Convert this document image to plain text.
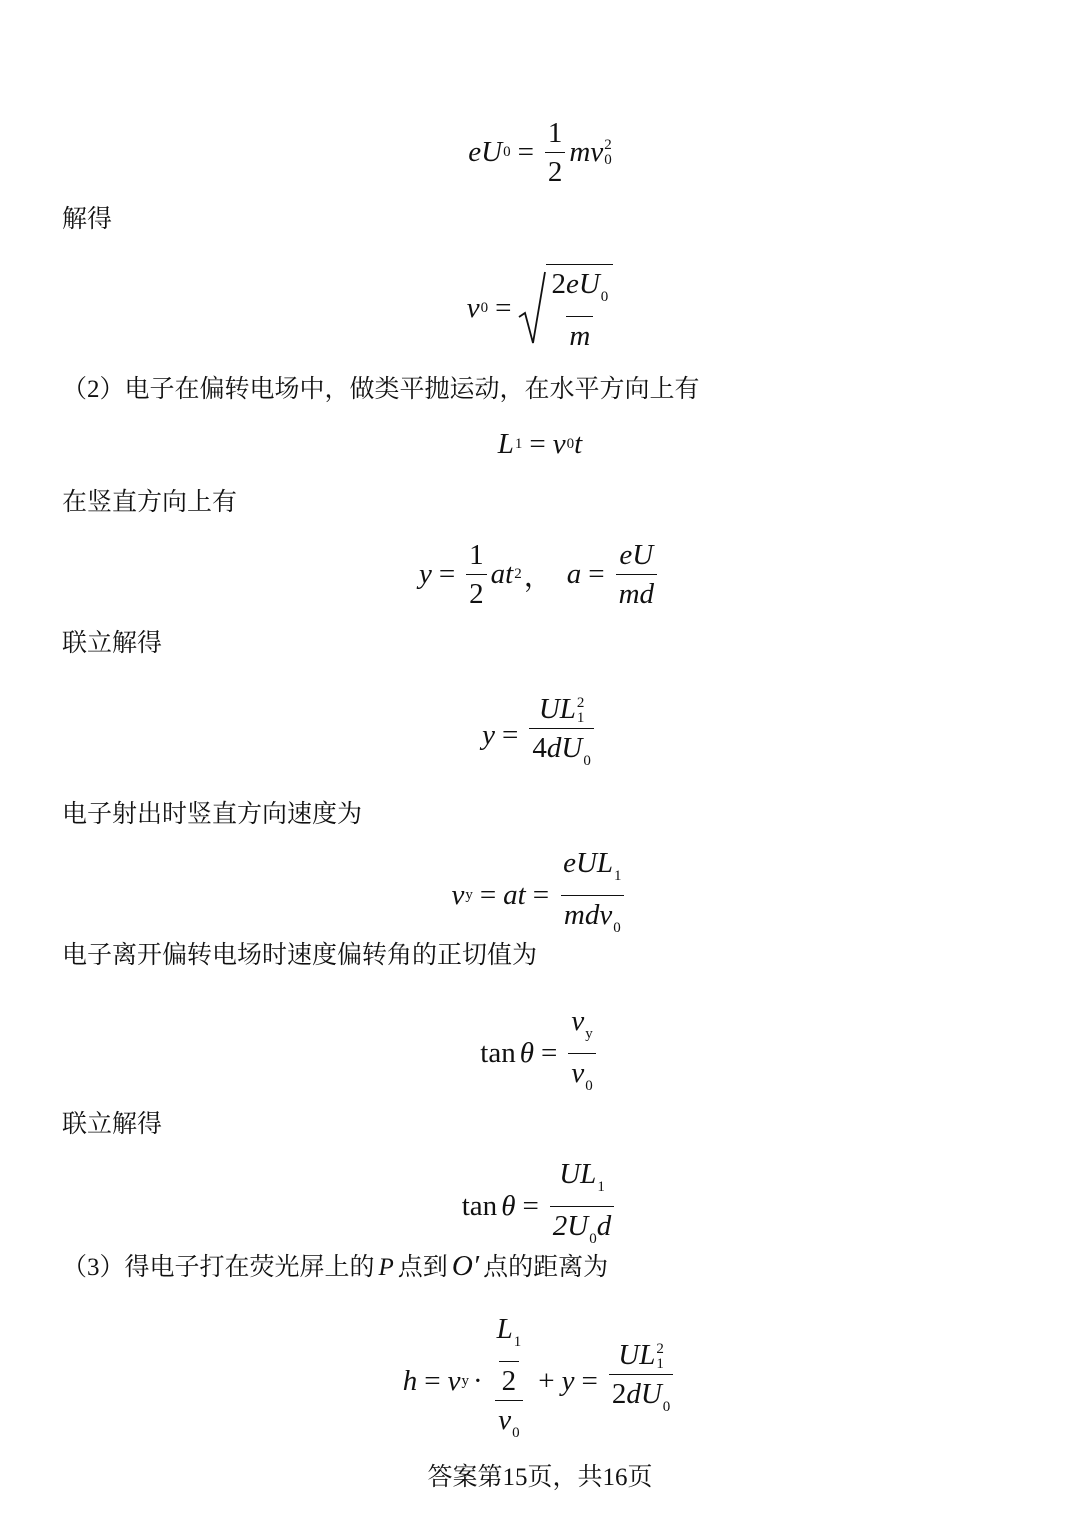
e U $0 = \frac{1}{2}$ m v 2
0
解得
v $0 = \frac{2eU_0}{m}$
（2）电子在偏转电场中，做类平抛运动，在水平方向上有
L 1 = v 0 t
在竖直方向上有
$y = \frac{1}{2}$ a t 2 ， $a = \frac{eU}{md}$
联立解得
y = UL 2
1
$4dU_0$
电子射出时竖直方向速度为
v y = a $t = \frac{eUL_1}{mdv_0}$
电子离开偏转电场时速度偏转角的正切值为
$\tan \theta = \frac{v_y}{v_0}$
联立解得
$\tan \theta = \frac{UL_1}{2U_0d}$
（3）得电子打在荧光屏上的 P 点到 O′ 点的距离为
h = v $y \cdot \frac{\frac{L_1}{2}}{v_0} + y$ = UL 2
1
$2dU_0$
答案第15页，共16页
